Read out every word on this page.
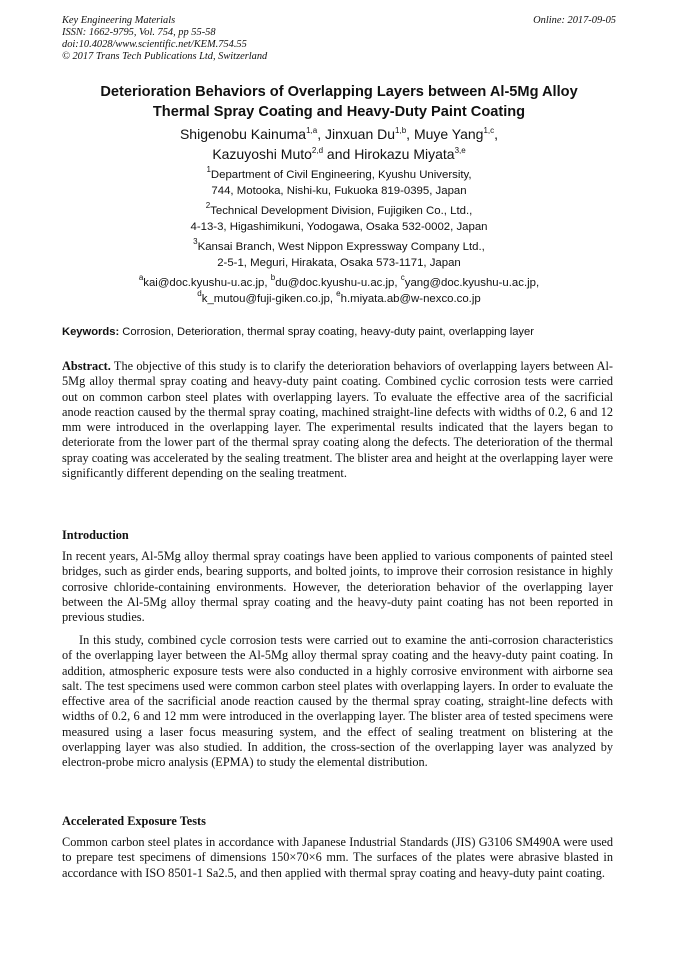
Key Engineering Materials
ISSN: 1662-9795, Vol. 754, pp 55-58
doi:10.4028/www.scientific.net/KEM.754.55
© 2017 Trans Tech Publications Ltd, Switzerland
Online: 2017-09-05
Deterioration Behaviors of Overlapping Layers between Al-5Mg Alloy
Thermal Spray Coating and Heavy-Duty Paint Coating
Shigenobu Kainuma$^{1,a}$, Jinxuan Du$^{1,b}$, Muye Yang$^{1,c}$,
Kazuyoshi Muto$^{2,d}$ and Hirokazu Miyata$^{3,e}$
$^1$Department of Civil Engineering, Kyushu University,
744, Motooka, Nishi-ku, Fukuoka 819-0395, Japan
$^2$Technical Development Division, Fujigiken Co., Ltd.,
4-13-3, Higashimikuni, Yodogawa, Osaka 532-0002, Japan
$^3$Kansai Branch, West Nippon Expressway Company Ltd.,
2-5-1, Meguri, Hirakata, Osaka 573-1171, Japan
$^a$kai@doc.kyushu-u.ac.jp, $^b$du@doc.kyushu-u.ac.jp, $^c$yang@doc.kyushu-u.ac.jp,
$^d$k_mutou@fuji-giken.co.jp, $^e$h.miyata.ab@w-nexco.co.jp
Keywords: Corrosion, Deterioration, thermal spray coating, heavy-duty paint, overlapping layer
Abstract. The objective of this study is to clarify the deterioration behaviors of overlapping layers between Al-5Mg alloy thermal spray coating and heavy-duty paint coating. Combined cyclic corrosion tests were carried out on common carbon steel plates with overlapping layers. To evaluate the effective area of the sacrificial anode reaction caused by the thermal spray coating, machined straight-line defects with widths of 0.2, 6 and 12 mm were introduced in the overlapping layer. The experimental results indicated that the layers began to deteriorate from the lower part of the thermal spray coating along the defects. The deterioration of the thermal spray coating was accelerated by the sealing treatment. The blister area and height at the overlapping layer were significantly different depending on the sealing treatment.
Introduction
In recent years, Al-5Mg alloy thermal spray coatings have been applied to various components of painted steel bridges, such as girder ends, bearing supports, and bolted joints, to improve their corrosion resistance in highly corrosive chloride-containing environments. However, the deterioration behavior of the overlapping layer between the Al-5Mg alloy thermal spray coating and the heavy-duty paint coating has not been reported in previous studies.
In this study, combined cycle corrosion tests were carried out to examine the anti-corrosion characteristics of the overlapping layer between the Al-5Mg alloy thermal spray coating and the heavy-duty paint coating. In addition, atmospheric exposure tests were also conducted in a highly corrosive environment with airborne sea salt. The test specimens used were common carbon steel plates with overlapping layers. In order to evaluate the effective area of the sacrificial anode reaction caused by the thermal spray coating, straight-line defects with widths of 0.2, 6 and 12 mm were introduced in the overlapping layer. The blister area of tested specimens were measured using a laser focus measuring system, and the effect of sealing treatment on blistering at the overlapping layer was also studied. In addition, the cross-section of the overlapping layer was analyzed by electron-probe micro analysis (EPMA) to study the elemental distribution.
Accelerated Exposure Tests
Common carbon steel plates in accordance with Japanese Industrial Standards (JIS) G3106 SM490A were used to prepare test specimens of dimensions 150×70×6 mm. The surfaces of the plates were abrasive blasted in accordance with ISO 8501-1 Sa2.5, and then applied with thermal spray coating and heavy-duty paint coating.
